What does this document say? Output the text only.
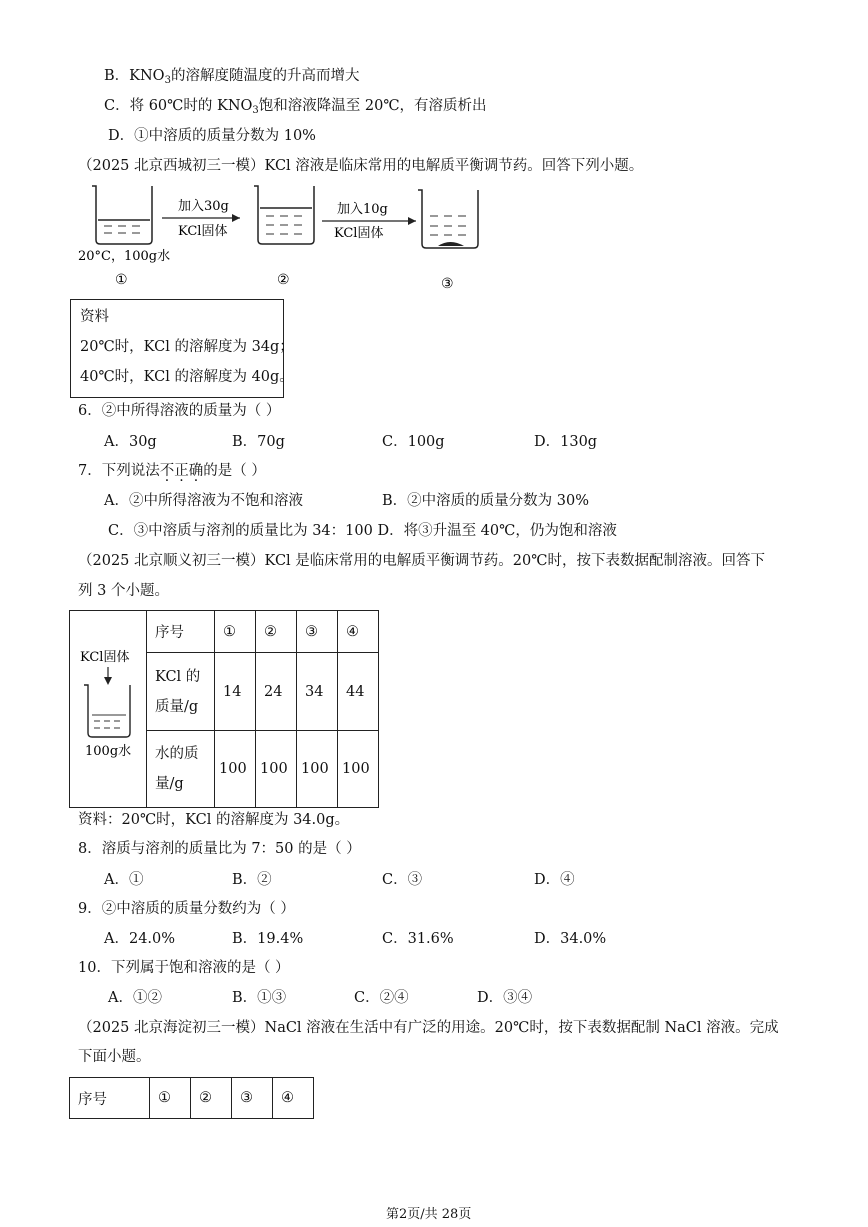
B．$KNO_3$的溶解度随温度的升高而增大
C．将 60℃时的 $KNO_3$饱和溶液降温至 20℃，有溶质析出
D．①中溶质的质量分数为 10%
（2025 北京西城初三一模）KCl 溶液是临床常用的电解质平衡调节药。回答下列小题。
20°C，100g水
①
加入30g
KCl固体
②
加入10g
KCl固体
③
资料
20℃时，KCl 的溶解度为 34g；
40℃时，KCl 的溶解度为 40g。
6．②中所得溶液的质量为（ ）
A．30g	B．70g	C．100g	D．130g
7．下列说法不正确的是（ ）
A．②中所得溶液为不饱和溶液	B．②中溶质的质量分数为 30%
C．③中溶质与溶剂的质量比为 34：100 D．将③升温至 40℃，仍为饱和溶液
（2025 北京顺义初三一模）KCl 是临床常用的电解质平衡调节药。20℃时，按下表数据配制溶液。回答下
列 3 个小题。
KCl固体
100g水	序号	①	②	③	④

	KCl 的
质量/g	14	24	34	44

	水的质
量/g	100	100	100	100
资料：20℃时，KCl 的溶解度为 34.0g。
8．溶质与溶剂的质量比为 7：50 的是（ ）
A．①	B．②	C．③	D．④
9．②中溶质的质量分数约为（ ）
A．24.0%	B．19.4%	C．31.6%	D．34.0%
10．下列属于饱和溶液的是（ ）
A．①②	B．①③	C．②④	D．③④
（2025 北京海淀初三一模）NaCl 溶液在生活中有广泛的用途。20℃时，按下表数据配制 NaCl 溶液。完成
下面小题。
序号	①	②	③	④
第2页/共 28页
